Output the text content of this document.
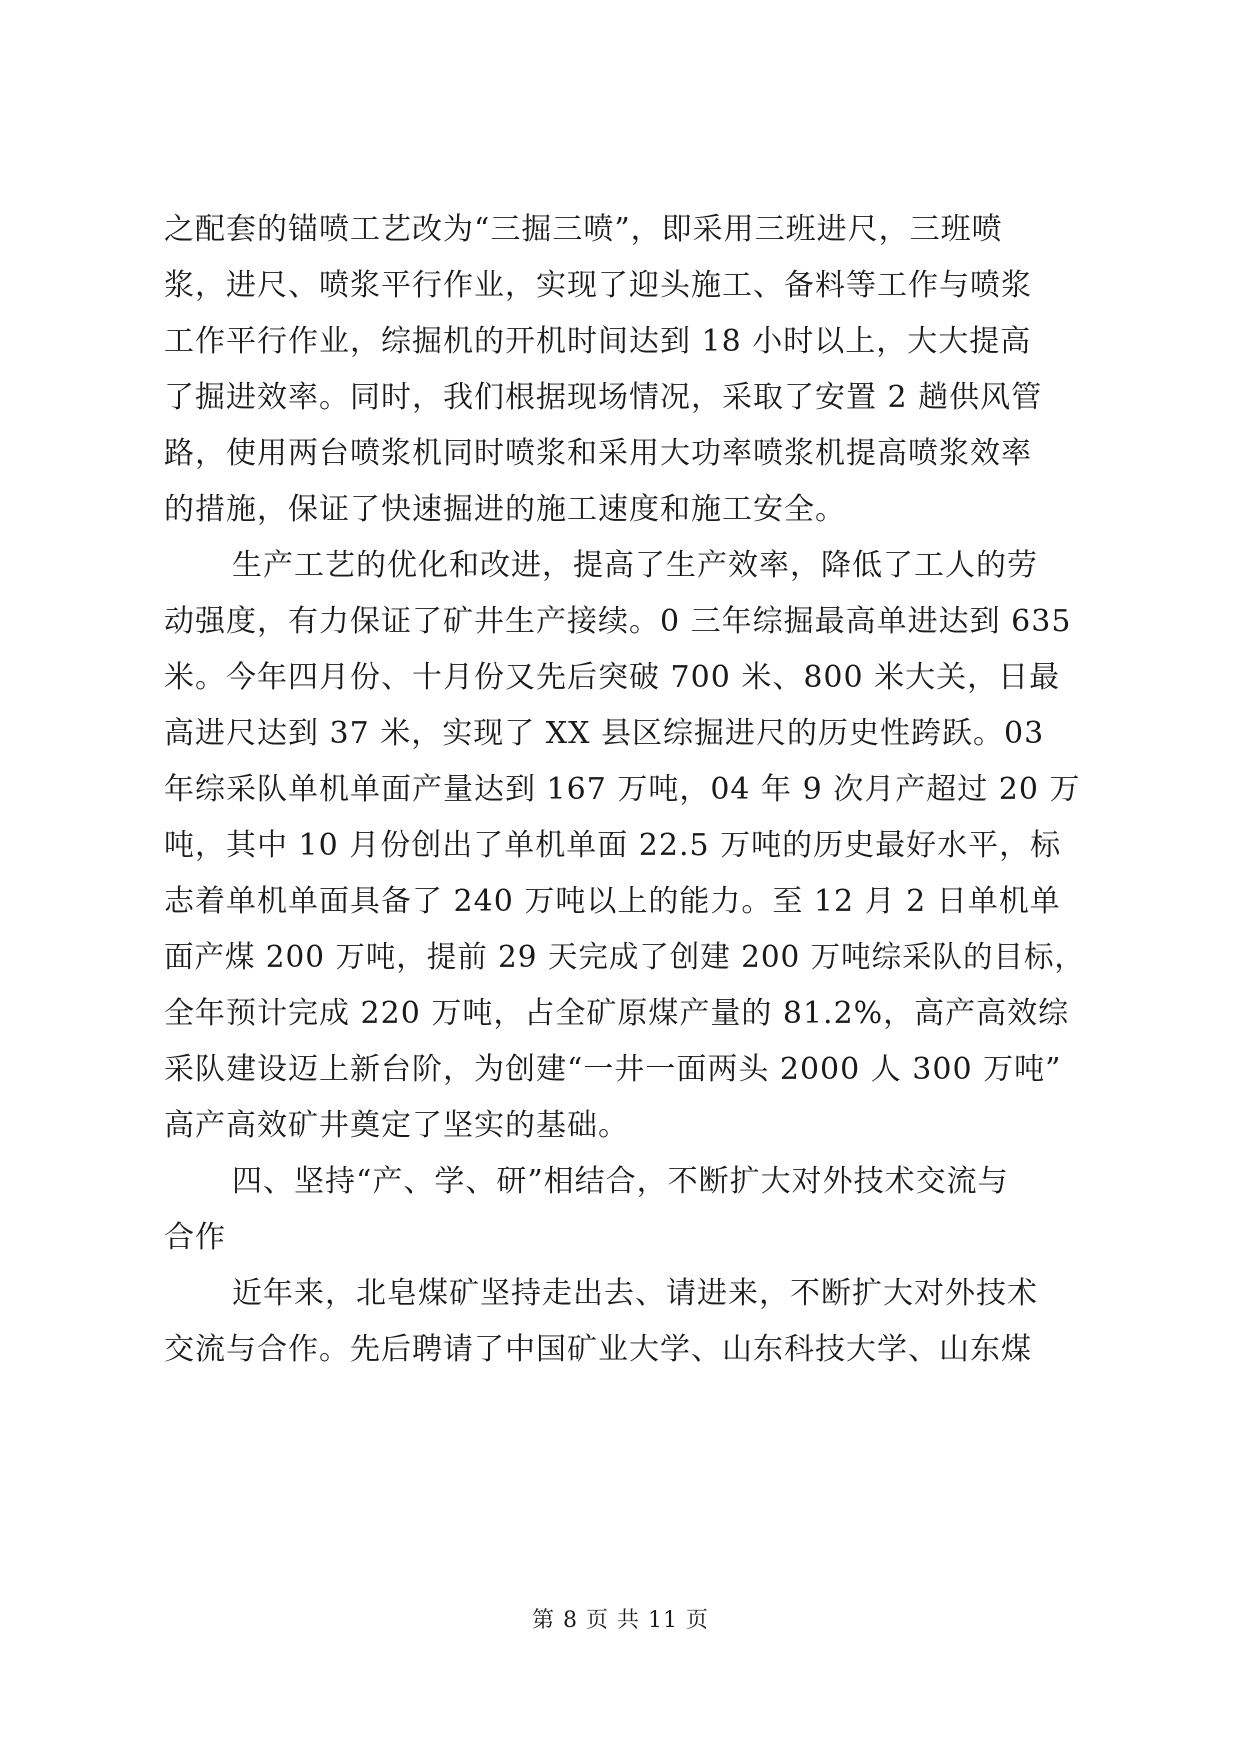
之配套的锚喷工艺改为“三掘三喷”，即采用三班进尺，三班喷
浆，进尺、喷浆平行作业，实现了迎头施工、备料等工作与喷浆
工作平行作业，综掘机的开机时间达到 18 小时以上，大大提高
了掘进效率。同时，我们根据现场情况，采取了安置 2 趟供风管
路，使用两台喷浆机同时喷浆和采用大功率喷浆机提高喷浆效率
的措施，保证了快速掘进的施工速度和施工安全。
生产工艺的优化和改进，提高了生产效率，降低了工人的劳
动强度，有力保证了矿井生产接续。0 三年综掘最高单进达到 635
米。今年四月份、十月份又先后突破 700 米、800 米大关，日最
高进尺达到 37 米，实现了 XX 县区综掘进尺的历史性跨跃。03
年综采队单机单面产量达到 167 万吨，04 年 9 次月产超过 20 万
吨，其中 10 月份创出了单机单面 22.5 万吨的历史最好水平，标
志着单机单面具备了 240 万吨以上的能力。至 12 月 2 日单机单
面产煤 200 万吨，提前 29 天完成了创建 200 万吨综采队的目标，
全年预计完成 220 万吨，占全矿原煤产量的 81.2%，高产高效综
采队建设迈上新台阶，为创建“一井一面两头 2000 人 300 万吨”
高产高效矿井奠定了坚实的基础。
四、坚持“产、学、研”相结合，不断扩大对外技术交流与
合作
近年来，北皂煤矿坚持走出去、请进来，不断扩大对外技术
交流与合作。先后聘请了中国矿业大学、山东科技大学、山东煤
第 8 页 共 11 页
